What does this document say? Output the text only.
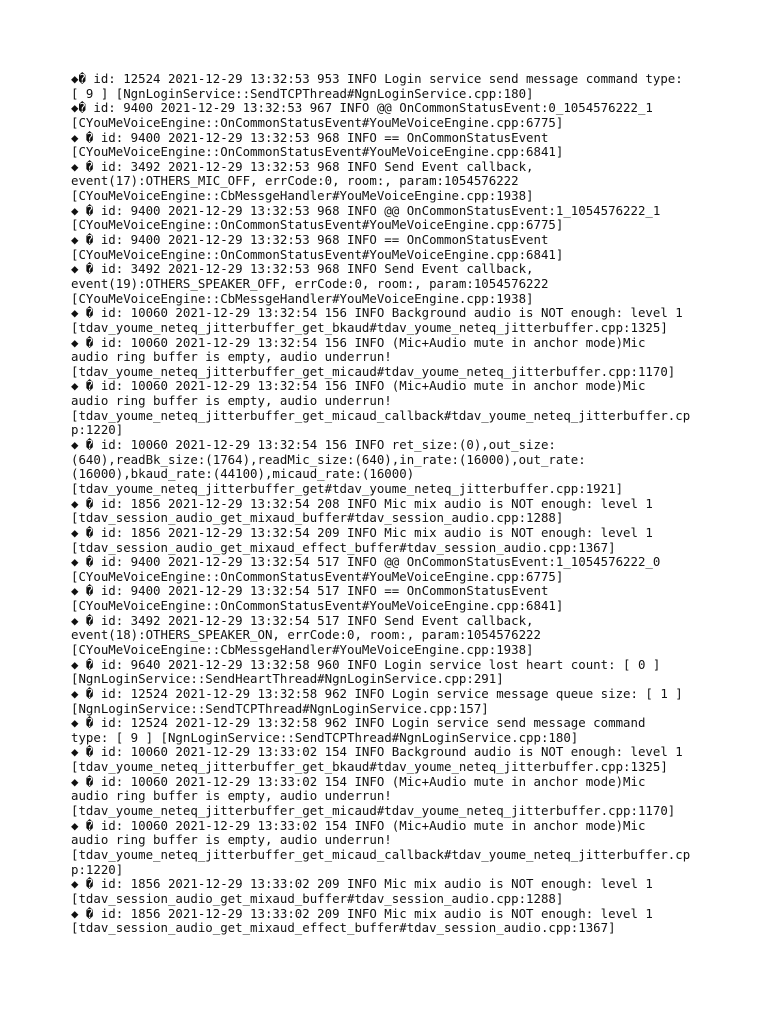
◆� id: 12524 2021-12-29 13:32:53 953 INFO Login service send message command type:
[ 9 ] [NgnLoginService::SendTCPThread#NgnLoginService.cpp:180]
◆� id: 9400 2021-12-29 13:32:53 967 INFO @@ OnCommonStatusEvent:0_1054576222_1
[CYouMeVoiceEngine::OnCommonStatusEvent#YouMeVoiceEngine.cpp:6775]
◆ � id: 9400 2021-12-29 13:32:53 968 INFO == OnCommonStatusEvent
[CYouMeVoiceEngine::OnCommonStatusEvent#YouMeVoiceEngine.cpp:6841]
◆ � id: 3492 2021-12-29 13:32:53 968 INFO Send Event callback,
event(17):OTHERS_MIC_OFF, errCode:0, room:, param:1054576222
[CYouMeVoiceEngine::CbMessgeHandler#YouMeVoiceEngine.cpp:1938]
◆ � id: 9400 2021-12-29 13:32:53 968 INFO @@ OnCommonStatusEvent:1_1054576222_1
[CYouMeVoiceEngine::OnCommonStatusEvent#YouMeVoiceEngine.cpp:6775]
◆ � id: 9400 2021-12-29 13:32:53 968 INFO == OnCommonStatusEvent
[CYouMeVoiceEngine::OnCommonStatusEvent#YouMeVoiceEngine.cpp:6841]
◆ � id: 3492 2021-12-29 13:32:53 968 INFO Send Event callback,
event(19):OTHERS_SPEAKER_OFF, errCode:0, room:, param:1054576222
[CYouMeVoiceEngine::CbMessgeHandler#YouMeVoiceEngine.cpp:1938]
◆ � id: 10060 2021-12-29 13:32:54 156 INFO Background audio is NOT enough: level 1
[tdav_youme_neteq_jitterbuffer_get_bkaud#tdav_youme_neteq_jitterbuffer.cpp:1325]
◆ � id: 10060 2021-12-29 13:32:54 156 INFO (Mic+Audio mute in anchor mode)Mic
audio ring buffer is empty, audio underrun!
[tdav_youme_neteq_jitterbuffer_get_micaud#tdav_youme_neteq_jitterbuffer.cpp:1170]
◆ � id: 10060 2021-12-29 13:32:54 156 INFO (Mic+Audio mute in anchor mode)Mic
audio ring buffer is empty, audio underrun!
[tdav_youme_neteq_jitterbuffer_get_micaud_callback#tdav_youme_neteq_jitterbuffer.cp
p:1220]
◆ � id: 10060 2021-12-29 13:32:54 156 INFO ret_size:(0),out_size:
(640),readBk_size:(1764),readMic_size:(640),in_rate:(16000),out_rate:
(16000),bkaud_rate:(44100),micaud_rate:(16000)
[tdav_youme_neteq_jitterbuffer_get#tdav_youme_neteq_jitterbuffer.cpp:1921]
◆ � id: 1856 2021-12-29 13:32:54 208 INFO Mic mix audio is NOT enough: level 1
[tdav_session_audio_get_mixaud_buffer#tdav_session_audio.cpp:1288]
◆ � id: 1856 2021-12-29 13:32:54 209 INFO Mic mix audio is NOT enough: level 1
[tdav_session_audio_get_mixaud_effect_buffer#tdav_session_audio.cpp:1367]
◆ � id: 9400 2021-12-29 13:32:54 517 INFO @@ OnCommonStatusEvent:1_1054576222_0
[CYouMeVoiceEngine::OnCommonStatusEvent#YouMeVoiceEngine.cpp:6775]
◆ � id: 9400 2021-12-29 13:32:54 517 INFO == OnCommonStatusEvent
[CYouMeVoiceEngine::OnCommonStatusEvent#YouMeVoiceEngine.cpp:6841]
◆ � id: 3492 2021-12-29 13:32:54 517 INFO Send Event callback,
event(18):OTHERS_SPEAKER_ON, errCode:0, room:, param:1054576222
[CYouMeVoiceEngine::CbMessgeHandler#YouMeVoiceEngine.cpp:1938]
◆ � id: 9640 2021-12-29 13:32:58 960 INFO Login service lost heart count: [ 0 ]
[NgnLoginService::SendHeartThread#NgnLoginService.cpp:291]
◆ � id: 12524 2021-12-29 13:32:58 962 INFO Login service message queue size: [ 1 ]
[NgnLoginService::SendTCPThread#NgnLoginService.cpp:157]
◆ � id: 12524 2021-12-29 13:32:58 962 INFO Login service send message command
type: [ 9 ] [NgnLoginService::SendTCPThread#NgnLoginService.cpp:180]
◆ � id: 10060 2021-12-29 13:33:02 154 INFO Background audio is NOT enough: level 1
[tdav_youme_neteq_jitterbuffer_get_bkaud#tdav_youme_neteq_jitterbuffer.cpp:1325]
◆ � id: 10060 2021-12-29 13:33:02 154 INFO (Mic+Audio mute in anchor mode)Mic
audio ring buffer is empty, audio underrun!
[tdav_youme_neteq_jitterbuffer_get_micaud#tdav_youme_neteq_jitterbuffer.cpp:1170]
◆ � id: 10060 2021-12-29 13:33:02 154 INFO (Mic+Audio mute in anchor mode)Mic
audio ring buffer is empty, audio underrun!
[tdav_youme_neteq_jitterbuffer_get_micaud_callback#tdav_youme_neteq_jitterbuffer.cp
p:1220]
◆ � id: 1856 2021-12-29 13:33:02 209 INFO Mic mix audio is NOT enough: level 1
[tdav_session_audio_get_mixaud_buffer#tdav_session_audio.cpp:1288]
◆ � id: 1856 2021-12-29 13:33:02 209 INFO Mic mix audio is NOT enough: level 1
[tdav_session_audio_get_mixaud_effect_buffer#tdav_session_audio.cpp:1367]
